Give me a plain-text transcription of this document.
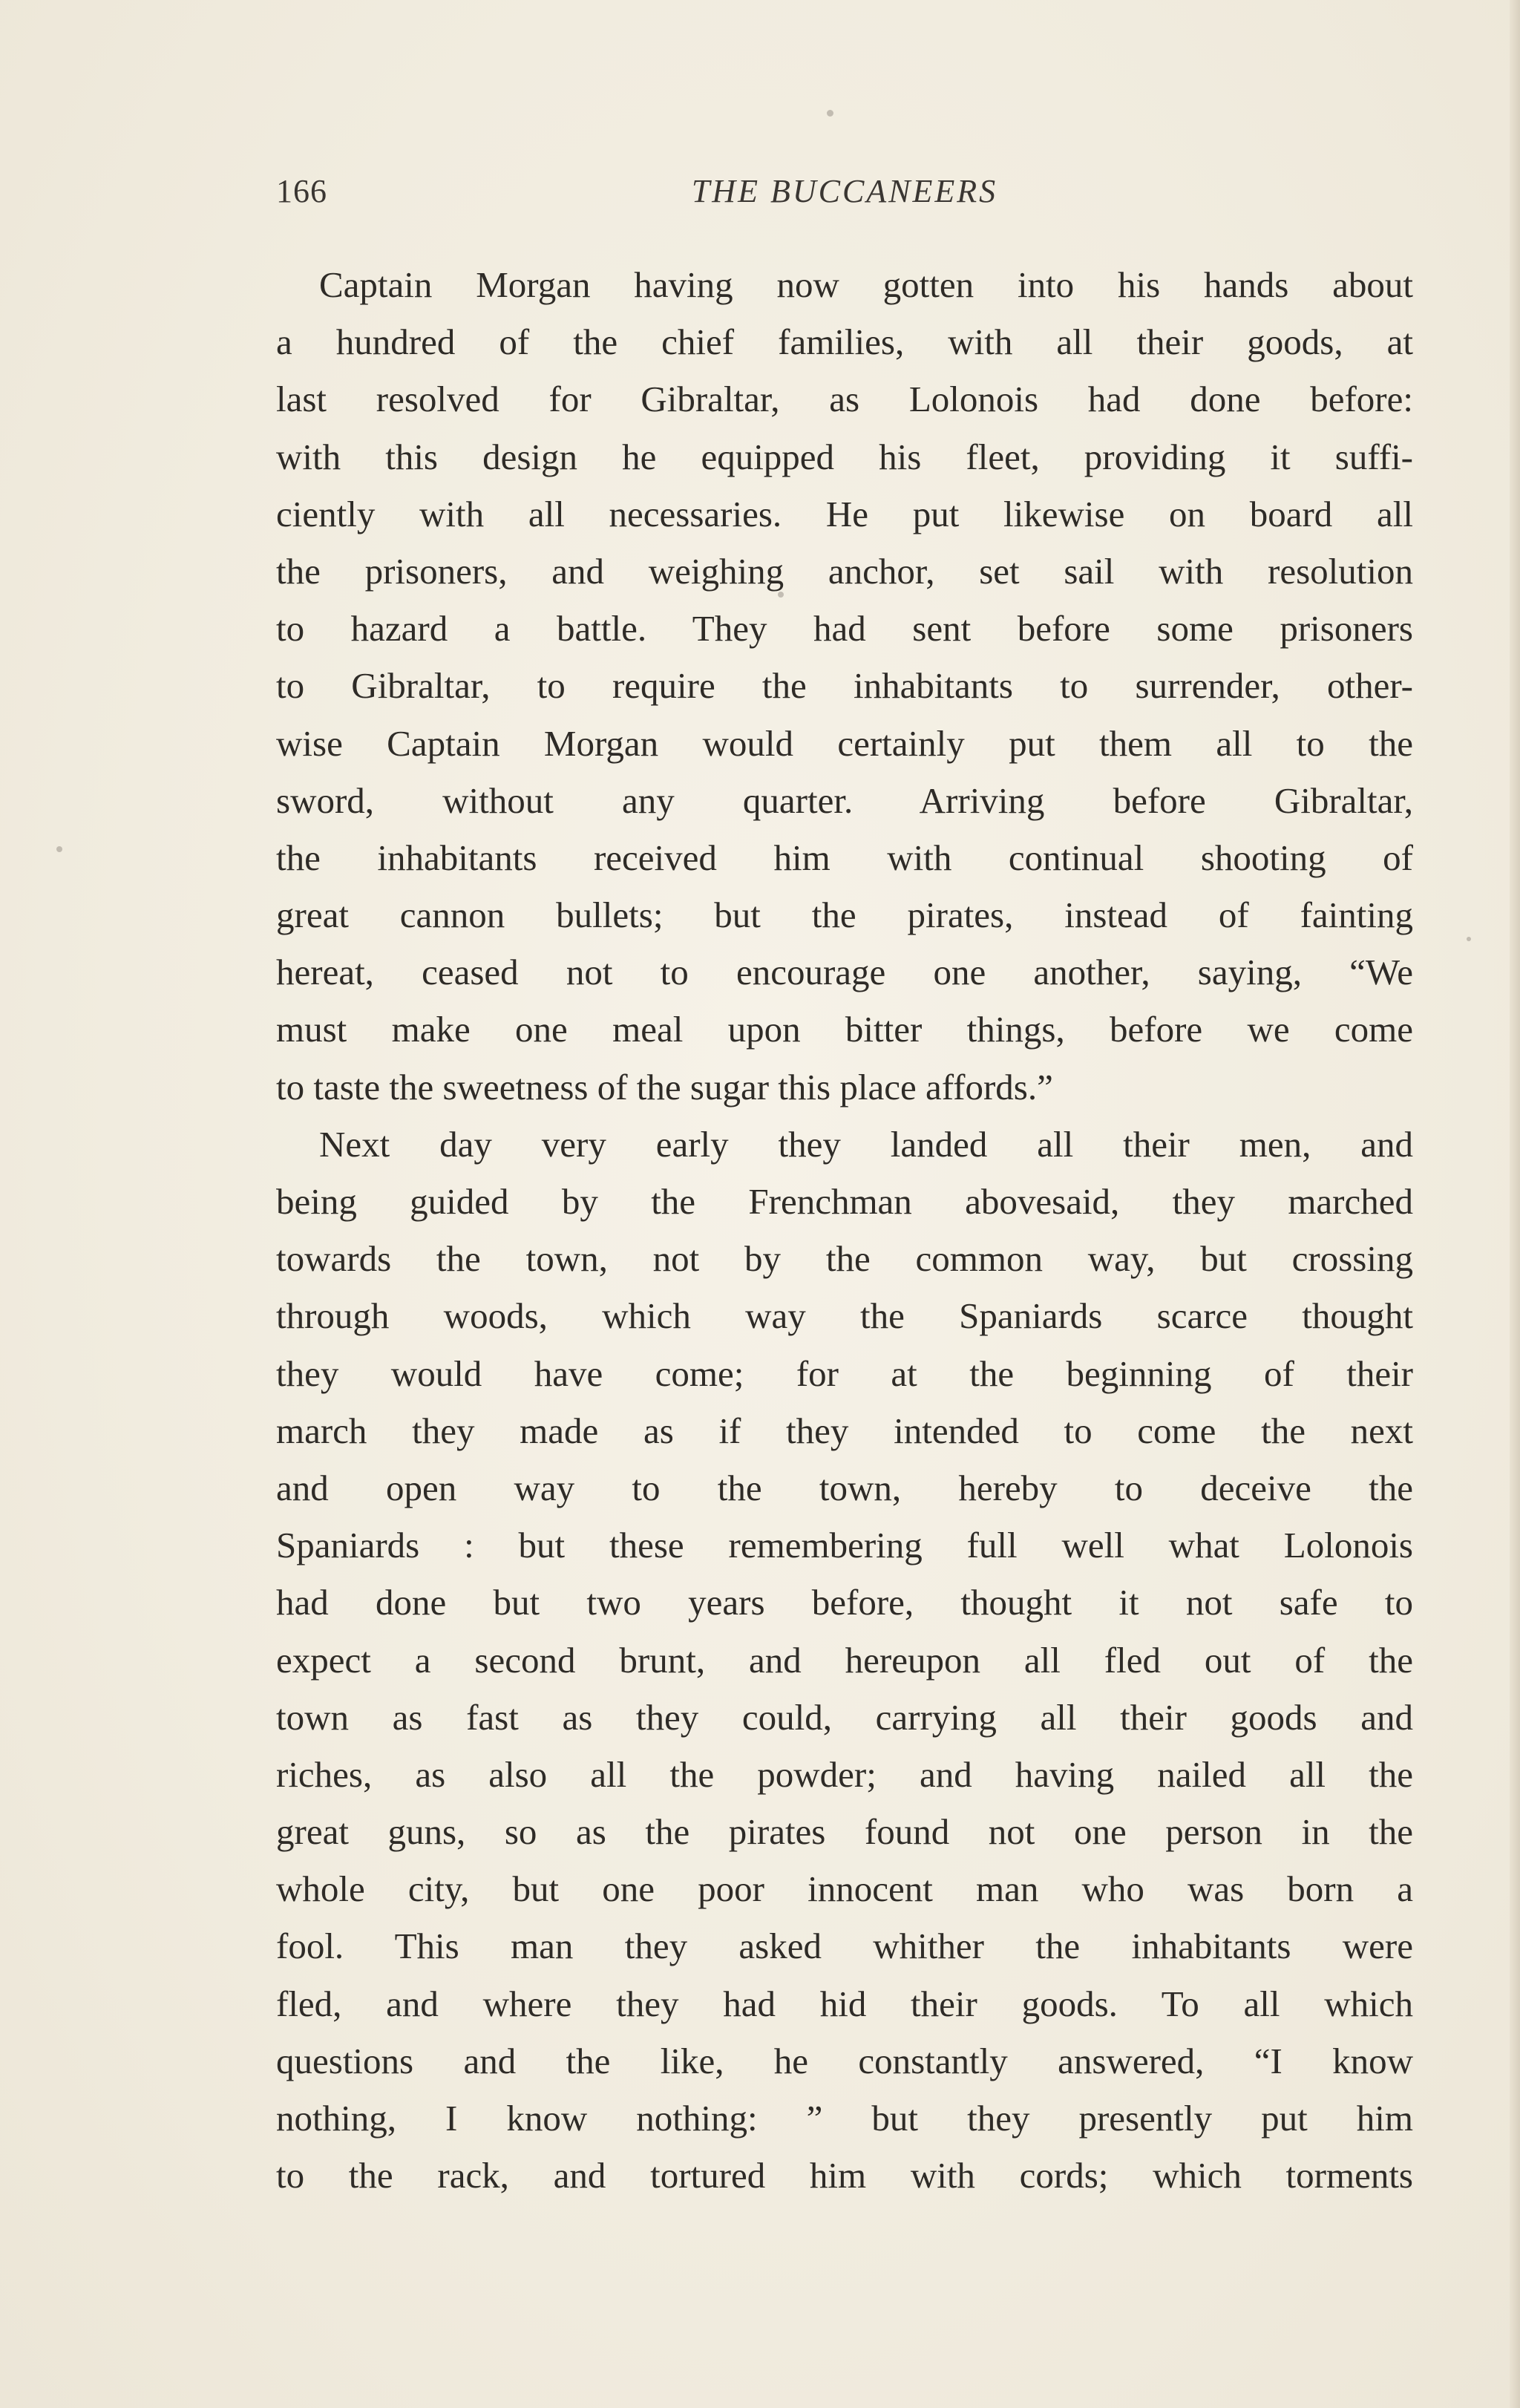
166	THE BUCCANEERS
Captain Morgan having now gotten into his hands about
a hundred of the chief families, with all their goods, at
last resolved for Gibraltar, as Lolonois had done before:
with this design he equipped his fleet, providing it suffi-
ciently with all necessaries. He put likewise on board all
the prisoners, and weighing anchor, set sail with resolution
to hazard a battle. They had sent before some prisoners
to Gibraltar, to require the inhabitants to surrender, other-
wise Captain Morgan would certainly put them all to the
sword, without any quarter. Arriving before Gibraltar,
the inhabitants received him with continual shooting of
great cannon bullets; but the pirates, instead of fainting
hereat, ceased not to encourage one another, saying, “We
must make one meal upon bitter things, before we come
to taste the sweetness of the sugar this place affords.”
Next day very early they landed all their men, and
being guided by the Frenchman abovesaid, they marched
towards the town, not by the common way, but crossing
through woods, which way the Spaniards scarce thought
they would have come; for at the beginning of their
march they made as if they intended to come the next
and open way to the town, hereby to deceive the
Spaniards : but these remembering full well what Lolonois
had done but two years before, thought it not safe to
expect a second brunt, and hereupon all fled out of the
town as fast as they could, carrying all their goods and
riches, as also all the powder; and having nailed all the
great guns, so as the pirates found not one person in the
whole city, but one poor innocent man who was born a
fool. This man they asked whither the inhabitants were
fled, and where they had hid their goods. To all which
questions and the like, he constantly answered, “I know
nothing, I know nothing: ” but they presently put him
to the rack, and tortured him with cords; which torments
